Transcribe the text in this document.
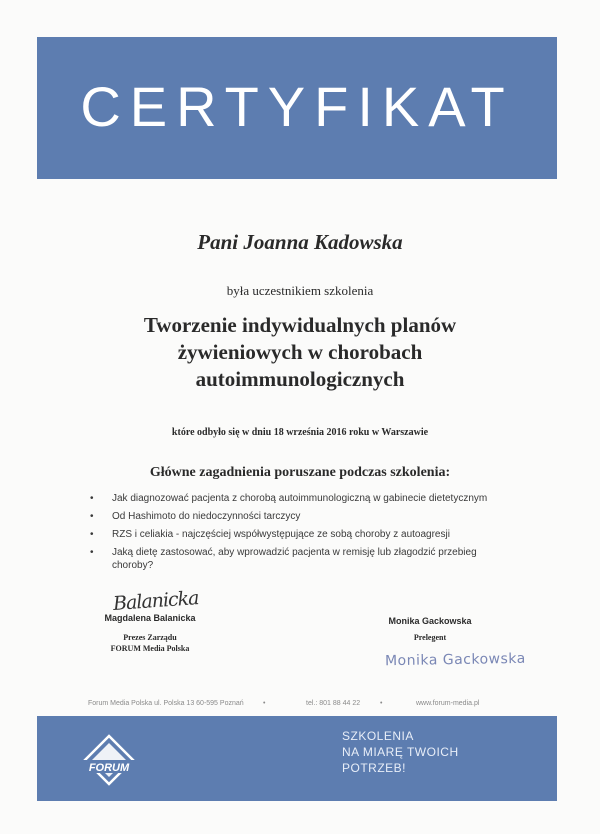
CERTYFIKAT
Pani Joanna Kadowska
była uczestnikiem szkolenia
Tworzenie indywidualnych planów
żywieniowych w chorobach
autoimmunologicznych
które odbyło się w dniu 18 września 2016 roku w Warszawie
Główne zagadnienia poruszane podczas szkolenia:
• Jak diagnozować pacjenta z chorobą autoimmunologiczną w gabinecie dietetycznym
• Od Hashimoto do niedoczynności tarczycy
• RZS i celiakia - najczęściej współwystępujące ze sobą choroby z autoagresji
• Jaką dietę zastosować, aby wprowadzić pacjenta w remisję lub złagodzić przebieg choroby?
Balanicka
Magdalena Balanicka
Prezes Zarządu
FORUM Media Polska
Monika Gackowska
Prelegent
Monika Gackowska
Forum Media Polska ul. Polska 13 60-595 Poznań	•	tel.: 801 88 44 22	•	www.forum-media.pl
FORUM
SZKOLENIA
NA MIARĘ TWOICH
POTRZEB!
